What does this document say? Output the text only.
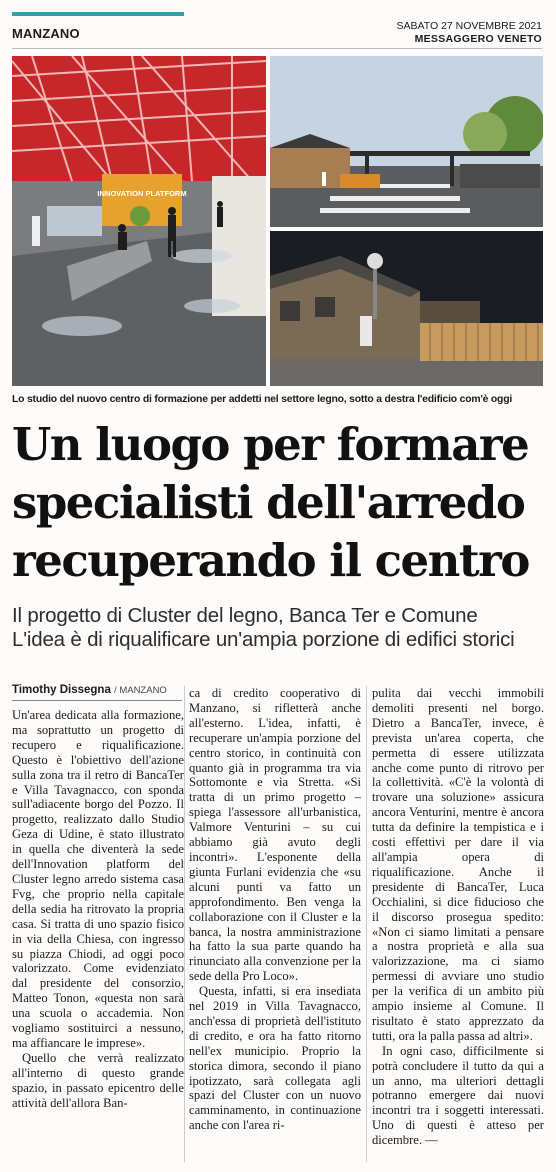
MANZANO	SABATO 27 NOVEMBRE 2021
MESSAGGERO VENETO
INNOVATION PLATFORM
Lo studio del nuovo centro di formazione per addetti nel settore legno, sotto a destra l'edificio com'è oggi
Un luogo per formare
specialisti dell'arredo
recuperando il centro
Il progetto di Cluster del legno, Banca Ter e Comune
L'idea è di riqualificare un'ampia porzione di edifici storici
Timothy Dissegna / MANZANO

Un'area dedicata alla formazione, ma soprattutto un progetto di recupero e riqualificazione. Questo è l'obiettivo dell'azione sulla zona tra il retro di BancaTer e Villa Tavagnacco, con sponda sull'adiacente borgo del Pozzo. Il progetto, realizzato dallo Studio Geza di Udine, è stato illustrato in quella che diventerà la sede dell'Innovation platform del Cluster legno arredo sistema casa Fvg, che proprio nella capitale della sedia ha ritrovato la propria casa. Si tratta di uno spazio fisico in via della Chiesa, con ingresso su piazza Chiodi, ad oggi poco valorizzato. Come evidenziato dal presidente del consorzio, Matteo Tonon, «questa non sarà una scuola o accademia. Non vogliamo sostituirci a nessuno, ma affiancare le imprese».

Quello che verrà realizzato all'interno di questo grande spazio, in passato epicentro delle attività dell'allora Ban-

ca di credito cooperativo di Manzano, si rifletterà anche all'esterno. L'idea, infatti, è recuperare un'ampia porzione del centro storico, in continuità con quanto già in programma tra via Sottomonte e via Stretta. «Si tratta di un primo progetto – spiega l'assessore all'urbanistica, Valmore Venturini – su cui abbiamo già avuto degli incontri». L'esponente della giunta Furlani evidenzia che «su alcuni punti va fatto un approfondimento. Ben venga la collaborazione con il Cluster e la banca, la nostra amministrazione ha fatto la sua parte quando ha rinunciato alla convenzione per la sede della Pro Loco».

Questa, infatti, si era insediata nel 2019 in Villa Tavagnacco, anch'essa di proprietà dell'istituto di credito, e ora ha fatto ritorno nell'ex municipio. Proprio la storica dimora, secondo il piano ipotizzato, sarà collegata agli spazi del Cluster con un nuovo camminamento, in continuazione anche con l'area ri-

pulita dai vecchi immobili demoliti presenti nel borgo. Dietro a BancaTer, invece, è prevista un'area coperta, che permetta di essere utilizzata anche come punto di ritrovo per la collettività. «C'è la volontà di trovare una soluzione» assicura ancora Venturini, mentre è ancora tutta da definire la tempistica e i costi effettivi per dare il via all'ampia opera di riqualificazione. Anche il presidente di BancaTer, Luca Occhialini, si dice fiducioso che il discorso prosegua spedito: «Non ci siamo limitati a pensare a nostra proprietà e alla sua valorizzazione, ma ci siamo permessi di avviare uno studio per la verifica di un ambito più ampio insieme al Comune. Il risultato è stato apprezzato da tutti, ora la palla passa ad altri».

In ogni caso, difficilmente si potrà concludere il tutto da qui a un anno, ma ulteriori dettagli potranno emergere dai nuovi incontri tra i soggetti interessati. Uno di questi è atteso per dicembre. —
